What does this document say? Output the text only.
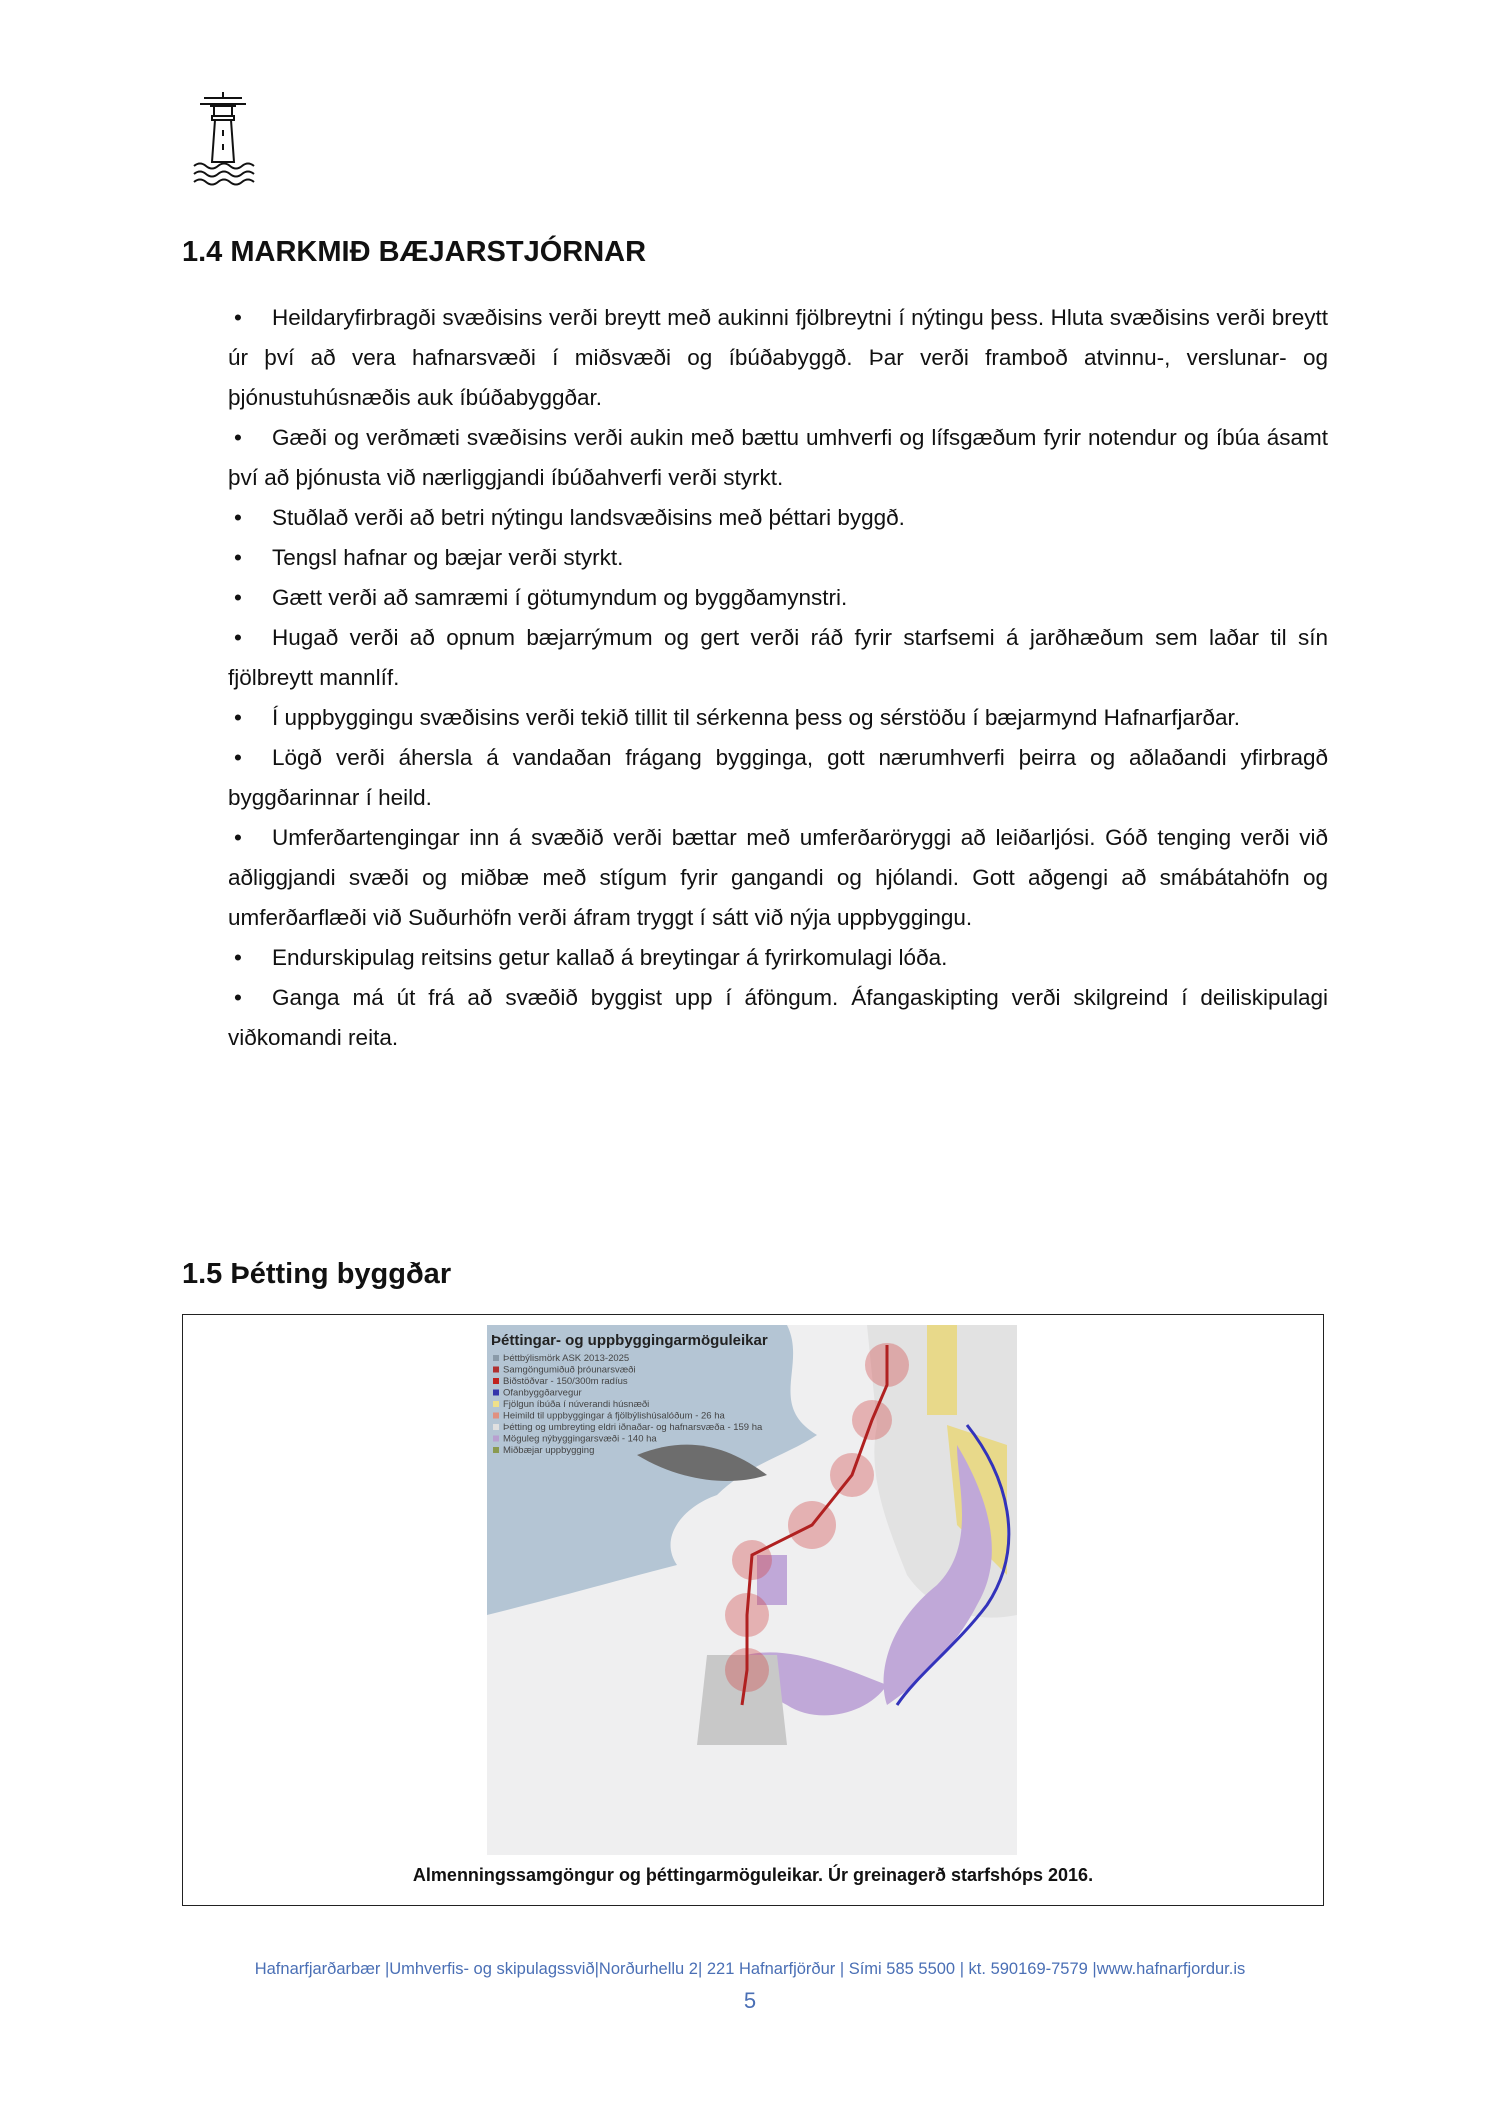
1.4 MARKMIÐ BÆJARSTJÓRNAR

• Heildaryfirbragði svæðisins verði breytt með aukinni fjölbreytni í nýtingu þess. Hluta svæðisins verði breytt úr því að vera hafnarsvæði í miðsvæði og íbúðabyggð. Þar verði framboð atvinnu-, verslunar- og þjónustuhúsnæðis auk íbúðabyggðar.

• Gæði og verðmæti svæðisins verði aukin með bættu umhverfi og lífsgæðum fyrir notendur og íbúa ásamt því að þjónusta við nærliggjandi íbúðahverfi verði styrkt.

• Stuðlað verði að betri nýtingu landsvæðisins með þéttari byggð.

• Tengsl hafnar og bæjar verði styrkt.

• Gætt verði að samræmi í götumyndum og byggðamynstri.

• Hugað verði að opnum bæjarrýmum og gert verði ráð fyrir starfsemi á jarðhæðum sem laðar til sín fjölbreytt mannlíf.

• Í uppbyggingu svæðisins verði tekið tillit til sérkenna þess og sérstöðu í bæjarmynd Hafnarfjarðar.

• Lögð verði áhersla á vandaðan frágang bygginga, gott nærumhverfi þeirra og aðlaðandi yfirbragð byggðarinnar í heild.

• Umferðartengingar inn á svæðið verði bættar með umferðaröryggi að leiðarljósi. Góð tenging verði við aðliggjandi svæði og miðbæ með stígum fyrir gangandi og hjólandi. Gott aðgengi að smábátahöfn og umferðarflæði við Suðurhöfn verði áfram tryggt í sátt við nýja uppbyggingu.

• Endurskipulag reitsins getur kallað á breytingar á fyrirkomulagi lóða.

• Ganga má út frá að svæðið byggist upp í áföngum. Áfangaskipting verði skilgreind í deiliskipulagi viðkomandi reita.

1.5 Þétting byggðar
Þéttingar- og uppbyggingarmöguleikar
Þéttbýlismörk ASK 2013-2025
Samgöngumiðuð þróunarsvæði
Biðstöðvar - 150/300m radíus
Ofanbyggðarvegur
Fjölgun íbúða í núverandi húsnæði
Heimild til uppbyggingar á fjölbýlishúsalóðum - 26 ha
Þétting og umbreyting eldri iðnaðar- og hafnarsvæða - 159 ha
Möguleg nýbyggingarsvæði - 140 ha
Miðbæjar uppbygging
Almenningssamgöngur og þéttingarmöguleikar. Úr greinagerð starfshóps 2016.
Hafnarfjarðarbær |Umhverfis- og skipulagssvið|Norðurhellu 2| 221 Hafnarfjörður | Sími 585 5500 | kt. 590169-7579 |www.hafnarfjordur.is
5
